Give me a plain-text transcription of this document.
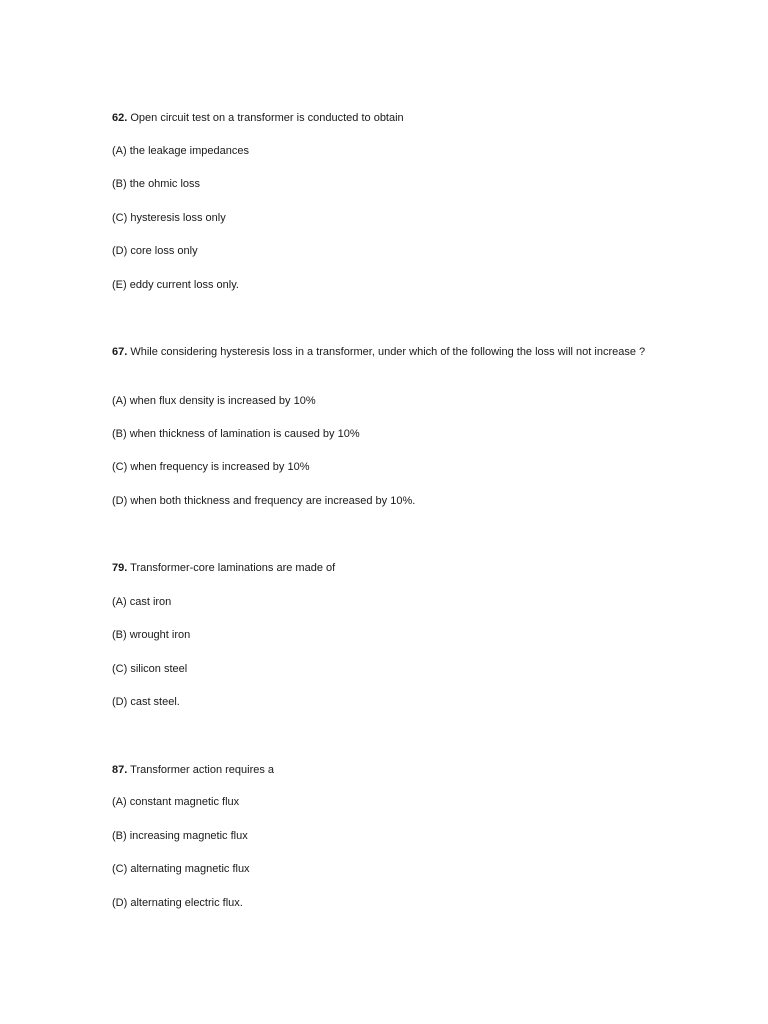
62. Open circuit test on a transformer is conducted to obtain

(A) the leakage impedances

(B) the ohmic loss

(C) hysteresis loss only

(D) core loss only

(E) eddy current loss only.

67. While considering hysteresis loss in a transformer, under which of the following the loss will not increase ?

(A) when flux density is increased by 10%

(B) when thickness of lamination is caused by 10%

(C) when frequency is increased by 10%

(D) when both thickness and frequency are increased by 10%.

79. Transformer-core laminations are made of

(A) cast iron

(B) wrought iron

(C) silicon steel

(D) cast steel.

87. Transformer action requires a

(A) constant magnetic flux

(B) increasing magnetic flux

(C) alternating magnetic flux

(D) alternating electric flux.
